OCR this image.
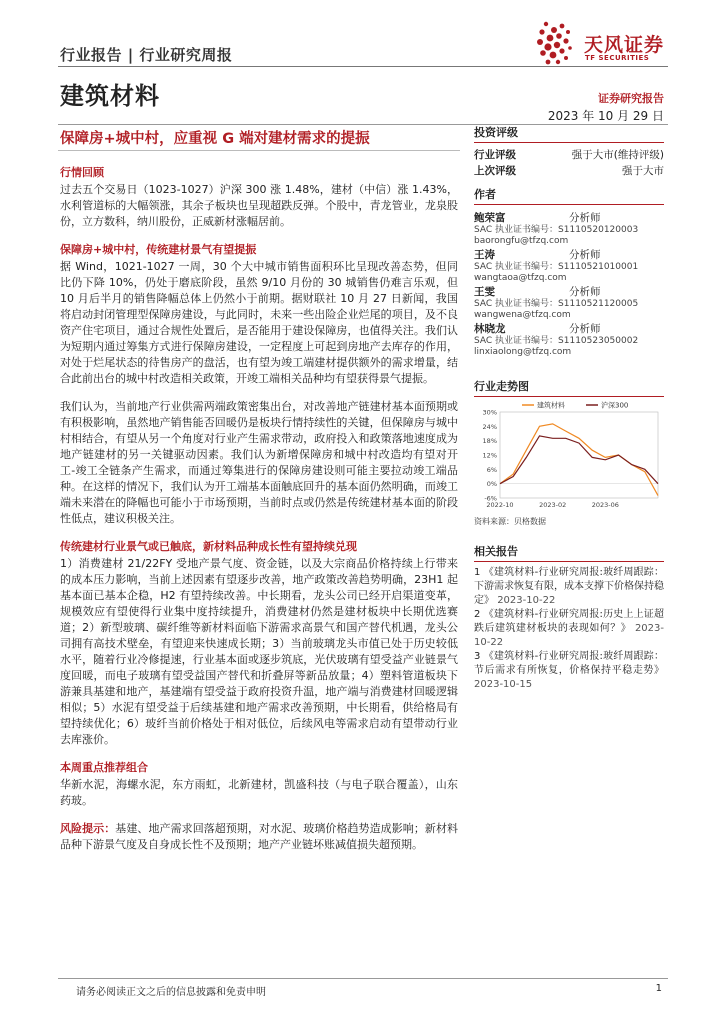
天风证券
TF SECURITIES
行业报告 | 行业研究周报
建筑材料	证券研究报告
2023 年 10 月 29 日
保障房+城中村，应重视 G 端对建材需求的提振
行情回顾

过去五个交易日（1023-1027）沪深 300 涨 1.48%，建材（中信）涨 1.43%，水利管道标的大幅领涨，其余子板块也呈现超跌反弹。个股中，青龙管业，龙泉股份，立方数科，纳川股份，正威新材涨幅居前。

保障房+城中村，传统建材景气有望提振

据 Wind，1021-1027 一周，30 个大中城市销售面积环比呈现改善态势，但同比仍下降 10%，仍处于磨底阶段，虽然 9/10 月份的 30 城销售仍难言乐观，但 10 月后半月的销售降幅总体上仍然小于前期。据财联社 10 月 27 日新闻，我国将启动封闭管理型保障房建设，与此同时，未来一些出险企业烂尾的项目，及不良资产住宅项目，通过合规性处置后，是否能用于建设保障房，也值得关注。我们认为短期内通过筹集方式进行保障房建设，一定程度上可起到房地产去库存的作用，对处于烂尾状态的待售房产的盘活，也有望为竣工端建材提供额外的需求增量，结合此前出台的城中村改造相关政策，开竣工端相关品种均有望获得景气提振。

我们认为，当前地产行业供需两端政策密集出台，对改善地产链建材基本面预期或有积极影响，虽然地产销售能否回暖仍是板块行情持续性的关键，但保障房与城中村相结合，有望从另一个角度对行业产生需求带动，政府投入和政策落地速度成为地产链建材的另一关键驱动因素。我们认为新增保障房和城中村改造均有望对开工-竣工全链条产生需求，而通过筹集进行的保障房建设则可能主要拉动竣工端品种。在这样的情况下，我们认为开工端基本面触底回升的基本面仍然明确，而竣工端未来潜在的降幅也可能小于市场预期，当前时点或仍然是传统建材基本面的阶段性低点，建议积极关注。

传统建材行业景气或已触底，新材料品种成长性有望持续兑现

1）消费建材 21/22FY 受地产景气度、资金链，以及大宗商品价格持续上行带来的成本压力影响，当前上述因素有望逐步改善，地产政策改善趋势明确，23H1 起基本面已基本企稳，H2 有望持续改善。中长期看，龙头公司已经开启渠道变革，规模效应有望使得行业集中度持续提升，消费建材仍然是建材板块中长期优选赛道；2）新型玻璃、碳纤维等新材料面临下游需求高景气和国产替代机遇，龙头公司拥有高技术壁垒，有望迎来快速成长期；3）当前玻璃龙头市值已处于历史较低水平，随着行业冷修提速，行业基本面或逐步筑底，光伏玻璃有望受益产业链景气度回暖，而电子玻璃有望受益国产替代和折叠屏等新品放量；4）塑料管道板块下游兼具基建和地产，基建端有望受益于政府投资升温，地产端与消费建材回暖逻辑相似；5）水泥有望受益于后续基建和地产需求改善预期，中长期看，供给格局有望持续优化；6）玻纤当前价格处于相对低位，后续风电等需求启动有望带动行业去库涨价。

本周重点推荐组合

华新水泥，海螺水泥，东方雨虹，北新建材，凯盛科技（与电子联合覆盖），山东药玻。

风险提示：基建、地产需求回落超预期，对水泥、玻璃价格趋势造成影响；新材料品种下游景气度及自身成长性不及预期；地产产业链坏账减值损失超预期。

投资评级
行业评级	强于大市(维持评级)
上次评级	强于大市
作者
鲍荣富	分析师
SAC 执业证书编号：S1110520120003
baorongfu@tfzq.com
王涛	分析师
SAC 执业证书编号：S1110521010001
wangtaoa@tfzq.com
王雯	分析师
SAC 执业证书编号：S1110521120005
wangwena@tfzq.com
林晓龙	分析师
SAC 执业证书编号：S1110523050002
linxiaolong@tfzq.com
行业走势图
30%
24%
18%
12%
6%
0%
-6%
2022-10	2023-02	2023-06
建筑材料	沪深300
资料来源：贝格数据
相关报告
1 《建筑材料-行业研究周报:玻纤周跟踪：下游需求恢复有限，成本支撑下价格保持稳定》 2023-10-22
2 《建筑材料-行业研究周报:历史上上证超跌后建筑建材板块的表现如何？》 2023-10-22
3 《建筑材料-行业研究周报:玻纤周跟踪：节后需求有所恢复，价格保持平稳走势》 2023-10-15
请务必阅读正文之后的信息披露和免责申明	1
